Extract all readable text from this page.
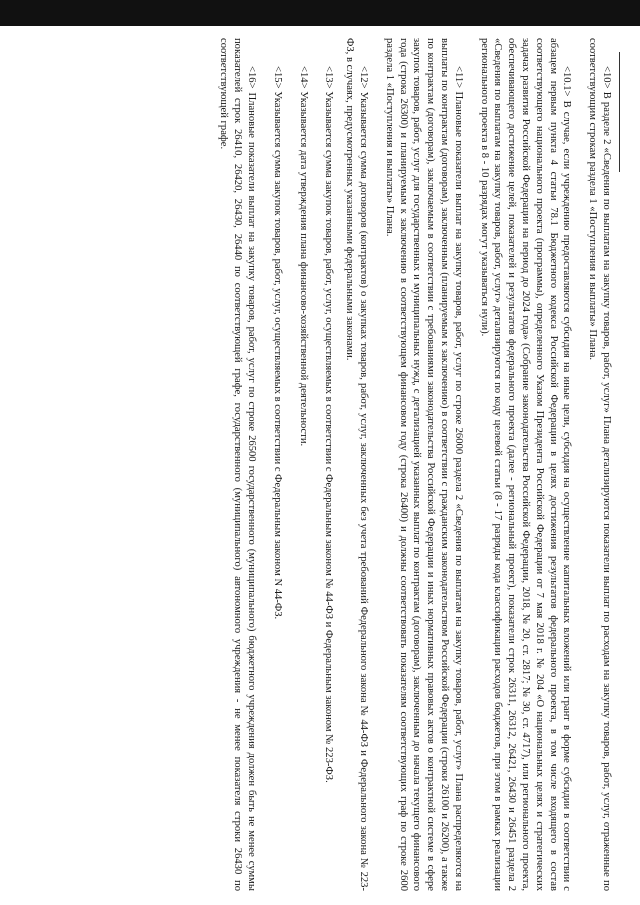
<10> В разделе 2 «Сведения по выплатам на закупку товаров, работ, услуг» Плана детализируются показатели выплат по расходам на закупку товаров, работ, услуг, отраженные по соответствующим строкам раздела 1 «Поступления и выплаты» Плана.

<10.1> В случае, если учреждению предоставляются субсидия на иные цели, субсидия на осуществление капитальных вложений или грант в форме субсидии в соответствии с абзацем первым пункта 4 статьи 78.1 Бюджетного кодекса Российской Федерации в целях достижения результатов федерального проекта, в том числе входящего в состав соответствующего национального проекта (программы), определенного Указом Президента Российской Федерации от 7 мая 2018 г. № 204 «О национальных целях и стратегических задачах развития Российской Федерации на период до 2024 года» (Собрание законодательства Российской Федерации, 2018, № 20, ст. 2817; № 30, ст. 4717), или регионального проекта, обеспечивающего достижение целей, показателей и результатов федерального проекта (далее - региональный проект), показатели строк 26311, 26312, 26421, 26430 и 26451 раздела 2 «Сведения по выплатам на закупку товаров, работ, услуг» детализируются по коду целевой статьи (8 - 17 разряды кода классификации расходов бюджетов, при этом в рамках реализации регионального проекта в 8 - 10 разрядах могут указываться нули).

<11> Плановые показатели выплат на закупку товаров, работ, услуг по строке 26000 раздела 2 «Сведения по выплатам на закупку товаров, работ, услуг» Плана распределяются на выплаты по контрактам (договорам), заключенным (планируемым к заключению) в соответствии с гражданским законодательством Российской Федерации (строки 26100 и 26200), а также по контрактам (договорам), заключаемым в соответствии с требованиями законодательства Российской Федерации и иных нормативных правовых актов о контрактной системе в сфере закупок товаров, работ, услуг для государственных и муниципальных нужд, с детализацией указанных выплат по контрактам (договорам), заключенным до начала текущего финансового года (строка 26300) и планируемым к заключению в соответствующем финансовом году (строка 26400) и должны соответствовать показателям соответствующих граф по строке 2600 раздела 1 «Поступления и выплаты» Плана.

<12> Указывается сумма договоров (контрактов) о закупках товаров, работ, услуг, заключенных без учета требований Федерального закона № 44-ФЗ и Федерального закона № 223-ФЗ, в случаях, предусмотренных указанными федеральными законами.

<13> Указывается сумма закупок товаров, работ, услуг, осуществляемых в соответствии с Федеральным законом № 44-ФЗ и Федеральным законом № 223-ФЗ.

<14> Указывается дата утверждения плана финансово-хозяйственной деятельности.

<15> Указывается сумма закупок товаров, работ, услуг, осуществляемых в соответствии с Федеральным законом N 44-ФЗ.

<16> Плановые показатели выплат на закупку товаров, работ, услуг по строке 26500 государственного (муниципального) бюджетного учреждения должен быть не менее суммы показателей строк 26410, 26420, 26430, 26440 по соответствующей графе, государственного (муниципального) автономного учреждения - не менее показателя строки 26430 по соответствующей графе.
